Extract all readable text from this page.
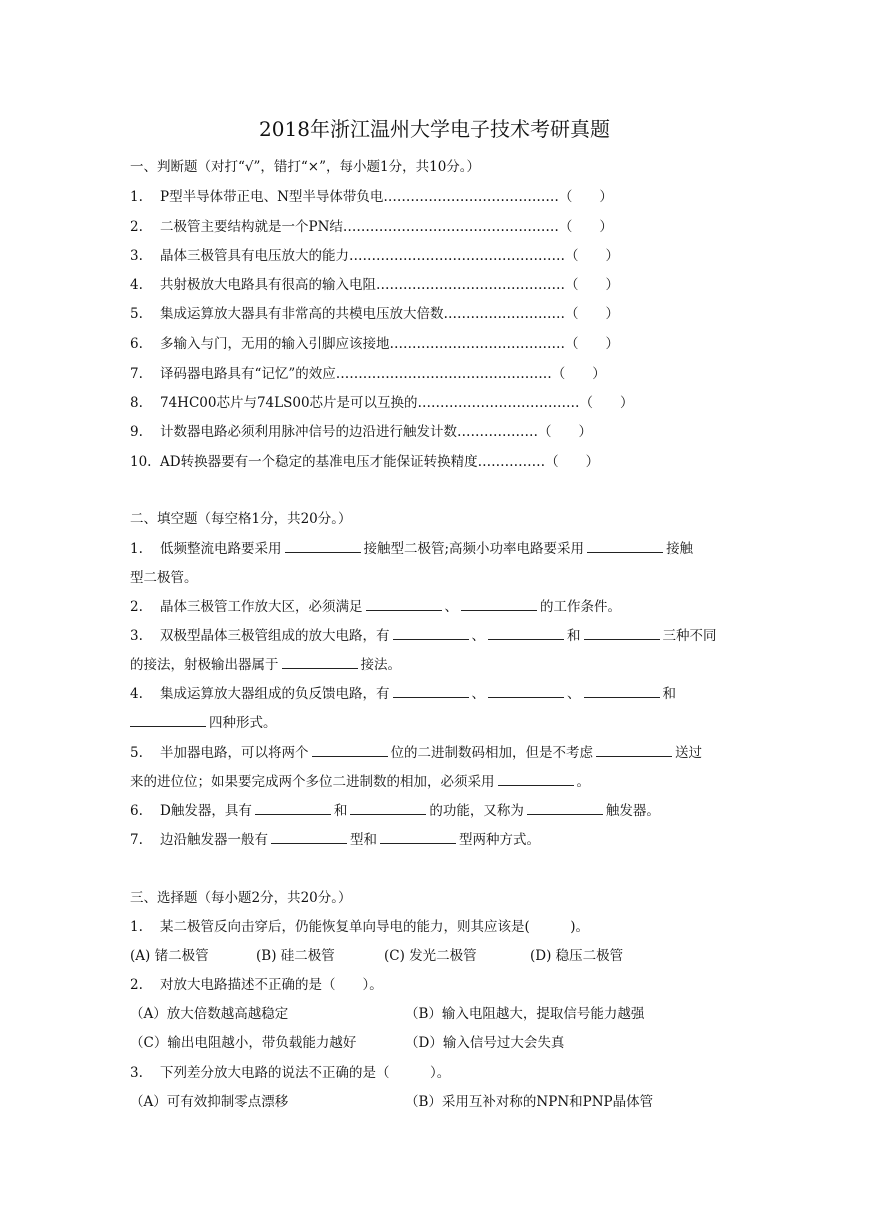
2018年浙江温州大学电子技术考研真题
一、判断题（对打“√”，错打“×”，每小题1分，共10分。）
1. P型半导体带正电、N型半导体带负电…………………………………（　　）
2. 二极管主要结构就是一个PN结…………………………………………（　　）
3. 晶体三极管具有电压放大的能力…………………………………………（　　）
4. 共射极放大电路具有很高的输入电阻……………………………………（　　）
5. 集成运算放大器具有非常高的共模电压放大倍数………………………（　　）
6. 多输入与门，无用的输入引脚应该接地…………………………………（　　）
7. 译码器电路具有“记忆”的效应…………………………………………（　　）
8. 74HC00芯片与74LS00芯片是可以互换的………………………………（　　）
9. 计数器电路必须利用脉冲信号的边沿进行触发计数………………（　　）
10. AD转换器要有一个稳定的基准电压才能保证转换精度……………（　　）
二、填空题（每空格1分，共20分。）
1. 低频整流电路要采用	接触型二极管;高频小功率电路要采用	接触
型二极管。
2. 晶体三极管工作放大区，必须满足	、	的工作条件。
3. 双极型晶体三极管组成的放大电路，有	、	和	三种不同
的接法，射极输出器属于	接法。
4. 集成运算放大器组成的负反馈电路，有	、	、	和
四种形式。
5. 半加器电路，可以将两个	位的二进制数码相加，但是不考虑	送过
来的进位位；如果要完成两个多位二进制数的相加，必须采用	。
6. D触发器，具有	和	的功能，又称为	触发器。
7. 边沿触发器一般有	型和	型两种方式。
三、选择题（每小题2分，共20分。）
1. 某二极管反向击穿后，仍能恢复单向导电的能力，则其应该是(　　　)。
(A) 锗二极管	(B) 硅二极管	(C) 发光二极管	(D) 稳压二极管
2. 对放大电路描述不正确的是（　　）。
（A）放大倍数越高越稳定	（B）输入电阻越大，提取信号能力越强
（C）输出电阻越小，带负载能力越好	（D）输入信号过大会失真
3. 下列差分放大电路的说法不正确的是（　　　）。
（A）可有效抑制零点漂移	（B）采用互补对称的NPN和PNP晶体管
